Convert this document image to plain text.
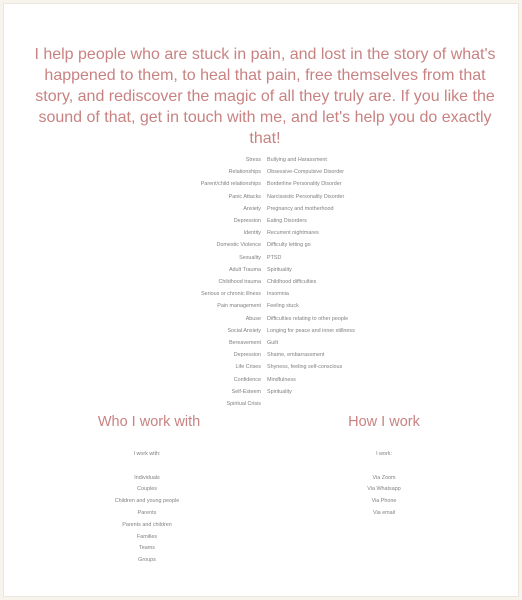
I help people who are stuck in pain, and lost in the story of what's happened to them, to heal that pain, free themselves from that story, and rediscover the magic of all they truly are. If you like the sound of that, get in touch with me, and let's help you do exactly that!

Stress
Relationships
Parent/child relationships
Panic Attacks
Anxiety
Depression
Identity
Domestic Violence
Sexuality
Adult Trauma
Childhood trauma
Serious or chronic illness
Pain management
Abuse
Social Anxiety
Bereavement
Depression
Life Crises
Confidence
Self-Esteem
Spiritual Crisis
Bullying and Harassment
Obsessive-Compulsive Disorder
Borderline Personality Disorder
Narcissistic Personality Disorder
Pregnancy and motherhood
Eating Disorders
Recurrent nightmares
Difficulty letting go
PTSD
Spirituality
Childhood difficulties
Insomnia
Feeling stuck
Difficulties relating to other people
Longing for peace and inner stillness
Guilt
Shame, embarrassment
Shyness, feeling self-conscious
Mindfulness
Spirituality
Who I work with	How I work
I work with:
Individuals
Couples
Children and young people
Parents
Parents and children
Families
Teams
Groups
I work:
Via Zoom
Via Whatsapp
Via Phone
Via email
